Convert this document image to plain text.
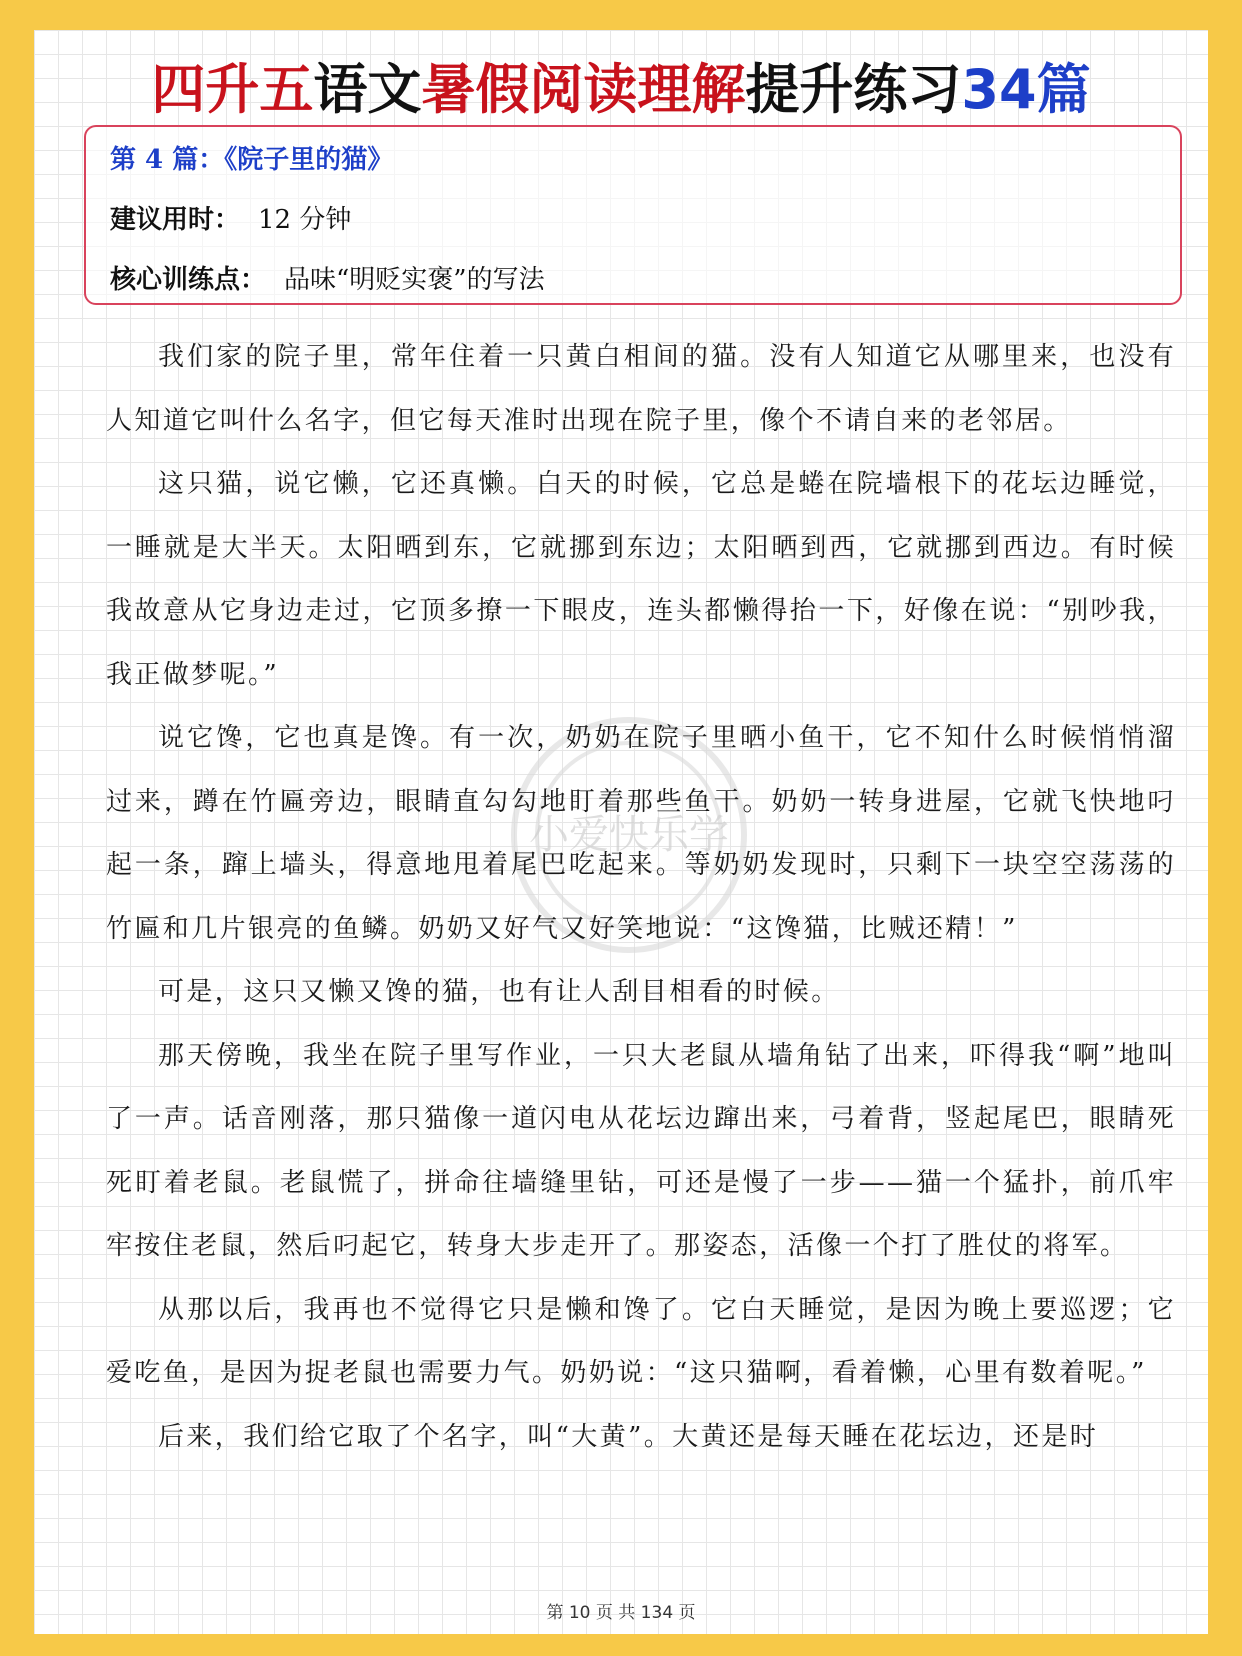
四升五语文暑假阅读理解提升练习34篇
第 4 篇：《院子里的猫》
建议用时： 12 分钟
核心训练点： 品味“明贬实褒”的写法
小爱快乐学

我们家的院子里，常年住着一只黄白相间的猫。没有人知道它从哪里来，也没有人知道它叫什么名字，但它每天准时出现在院子里，像个不请自来的老邻居。

这只猫，说它懒，它还真懒。白天的时候，它总是蜷在院墙根下的花坛边睡觉，一睡就是大半天。太阳晒到东，它就挪到东边；太阳晒到西，它就挪到西边。有时候我故意从它身边走过，它顶多撩一下眼皮，连头都懒得抬一下，好像在说：“别吵我，我正做梦呢。”

说它馋，它也真是馋。有一次，奶奶在院子里晒小鱼干，它不知什么时候悄悄溜过来，蹲在竹匾旁边，眼睛直勾勾地盯着那些鱼干。奶奶一转身进屋，它就飞快地叼起一条，蹿上墙头，得意地甩着尾巴吃起来。等奶奶发现时，只剩下一块空空荡荡的竹匾和几片银亮的鱼鳞。奶奶又好气又好笑地说：“这馋猫，比贼还精！”

可是，这只又懒又馋的猫，也有让人刮目相看的时候。

那天傍晚，我坐在院子里写作业，一只大老鼠从墙角钻了出来，吓得我“啊”地叫了一声。话音刚落，那只猫像一道闪电从花坛边蹿出来，弓着背，竖起尾巴，眼睛死死盯着老鼠。老鼠慌了，拼命往墙缝里钻，可还是慢了一步——猫一个猛扑，前爪牢牢按住老鼠，然后叼起它，转身大步走开了。那姿态，活像一个打了胜仗的将军。

从那以后，我再也不觉得它只是懒和馋了。它白天睡觉，是因为晚上要巡逻；它爱吃鱼，是因为捉老鼠也需要力气。奶奶说：“这只猫啊，看着懒，心里有数着呢。”

后来，我们给它取了个名字，叫“大黄”。大黄还是每天睡在花坛边，还是时

第 10 页 共 134 页
